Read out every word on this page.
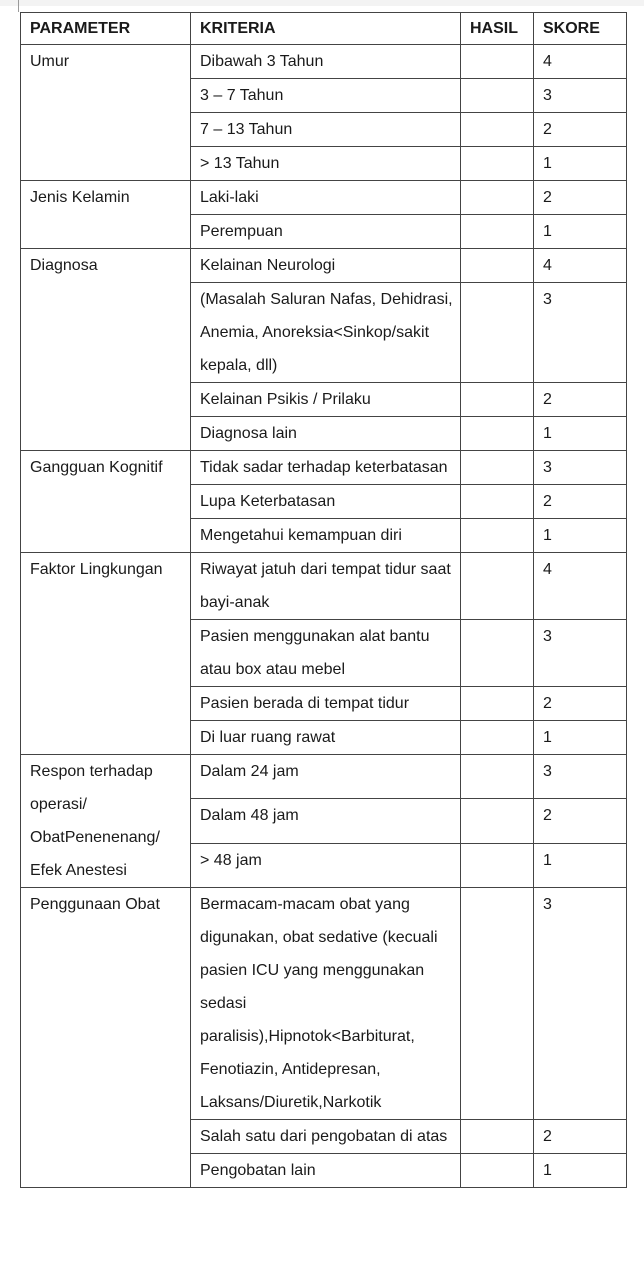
PARAMETER	KRITERIA	HASIL	SKORE
Umur	Dibawah 3 Tahun		4
	3 – 7 Tahun		3
	7 – 13 Tahun		2
	> 13 Tahun		1
Jenis Kelamin	Laki-laki		2
	Perempuan		1
Diagnosa	Kelainan Neurologi		4
	(Masalah Saluran Nafas, Dehidrasi, Anemia, Anoreksia<Sinkop/sakit kepala, dll)		3
	Kelainan Psikis / Prilaku		2
	Diagnosa lain		1
Gangguan Kognitif	Tidak sadar terhadap keterbatasan		3
	Lupa Keterbatasan		2
	Mengetahui kemampuan diri		1
Faktor Lingkungan	Riwayat jatuh dari tempat tidur saat bayi-anak		4
	Pasien menggunakan alat bantu atau box atau mebel		3
	Pasien berada di tempat tidur		2
	Di luar ruang rawat		1
Respon terhadap operasi/ ObatPenenenang/ Efek Anestesi	Dalam 24 jam		3
	Dalam 48 jam		2
	> 48 jam		1
Penggunaan Obat	Bermacam-macam obat yang digunakan, obat sedative (kecuali pasien ICU yang menggunakan sedasi paralisis),Hipnotok<Barbiturat, Fenotiazin, Antidepresan, Laksans/Diuretik,Narkotik		3
	Salah satu dari pengobatan di atas		2
	Pengobatan lain		1
